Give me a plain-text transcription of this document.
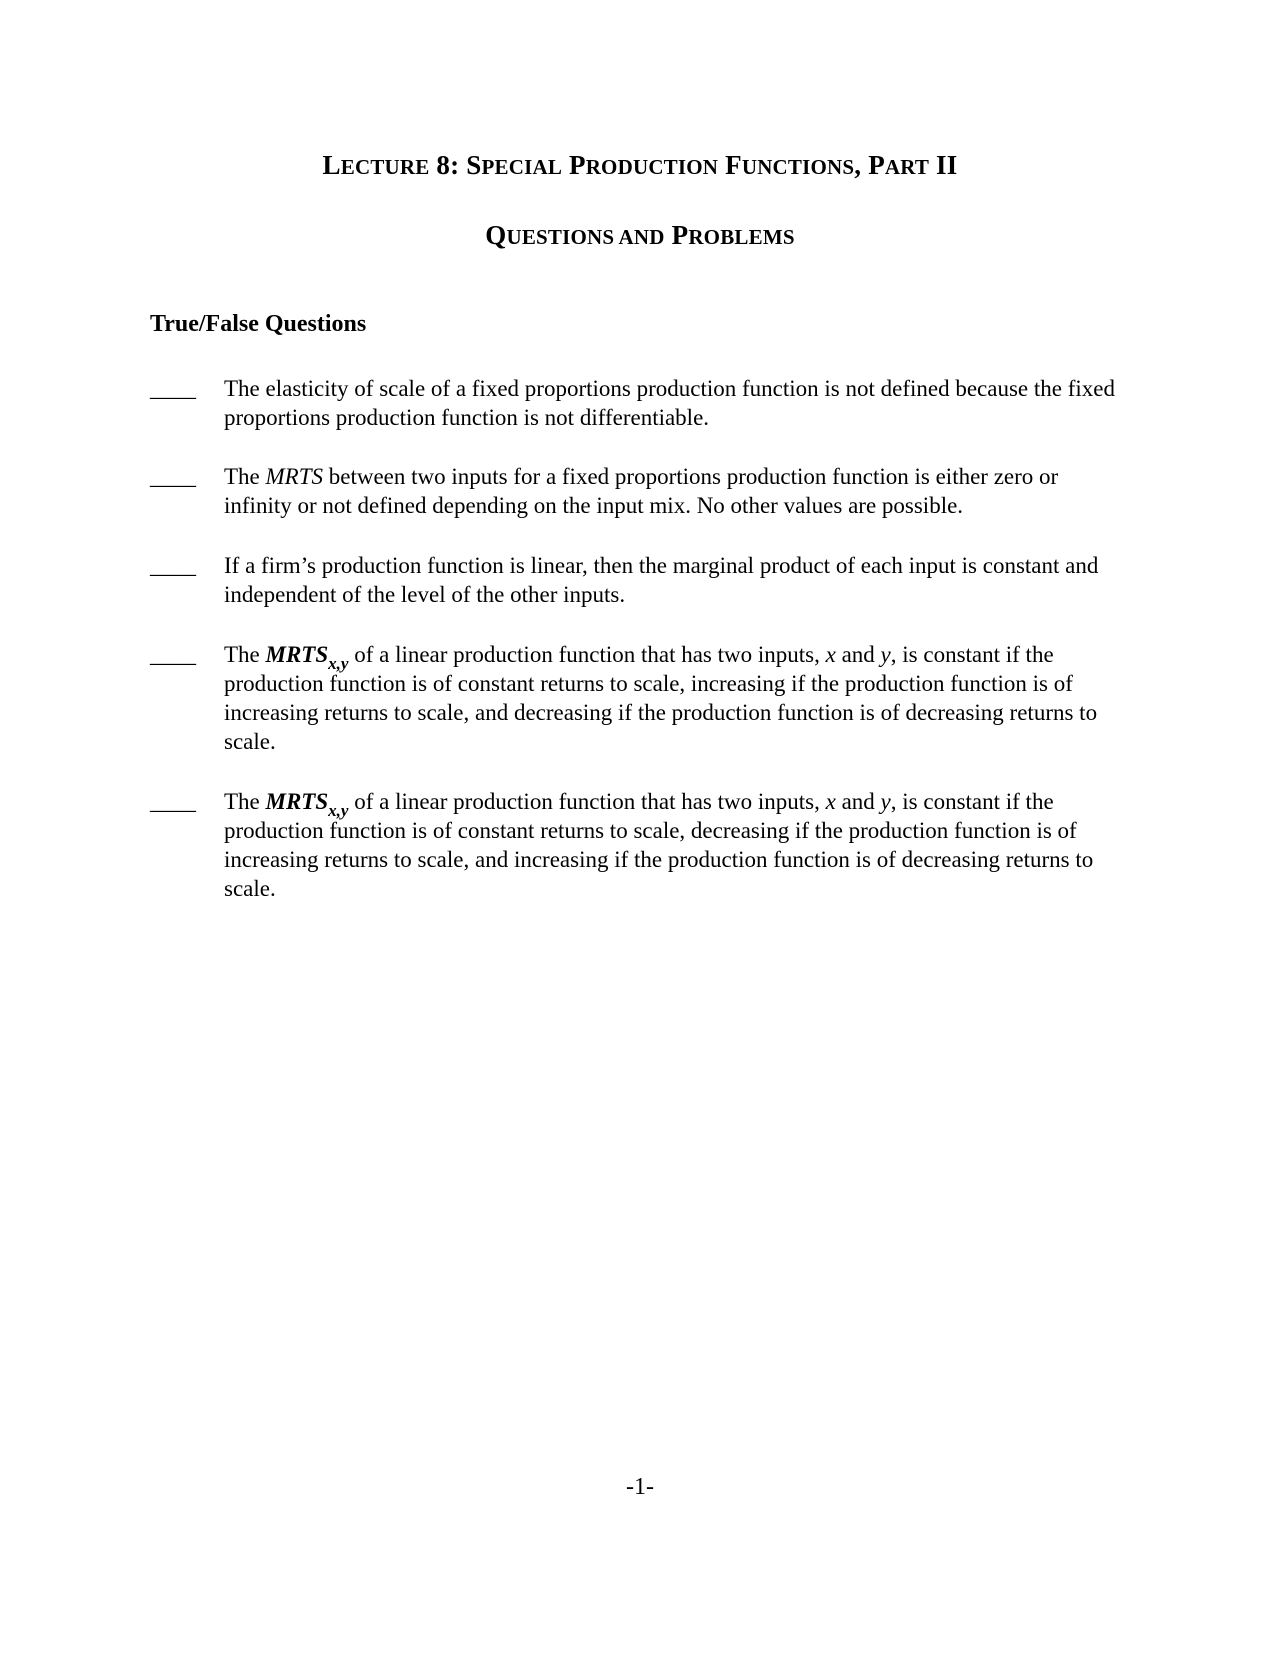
LECTURE 8: SPECIAL PRODUCTION FUNCTIONS, PART II
QUESTIONS AND PROBLEMS
True/False Questions
____ The elasticity of scale of a fixed proportions production function is not defined because the fixed proportions production function is not differentiable.
____ The MRTS between two inputs for a fixed proportions production function is either zero or infinity or not defined depending on the input mix. No other values are possible.
____ If a firm’s production function is linear, then the marginal product of each input is constant and independent of the level of the other inputs.
____ The $MRTS_{x,y}$ of a linear production function that has two inputs, x and y, is constant if the production function is of constant returns to scale, increasing if the production function is of increasing returns to scale, and decreasing if the production function is of decreasing returns to scale.
____ The $MRTS_{x,y}$ of a linear production function that has two inputs, x and y, is constant if the production function is of constant returns to scale, decreasing if the production function is of increasing returns to scale, and increasing if the production function is of decreasing returns to scale.
-1-
